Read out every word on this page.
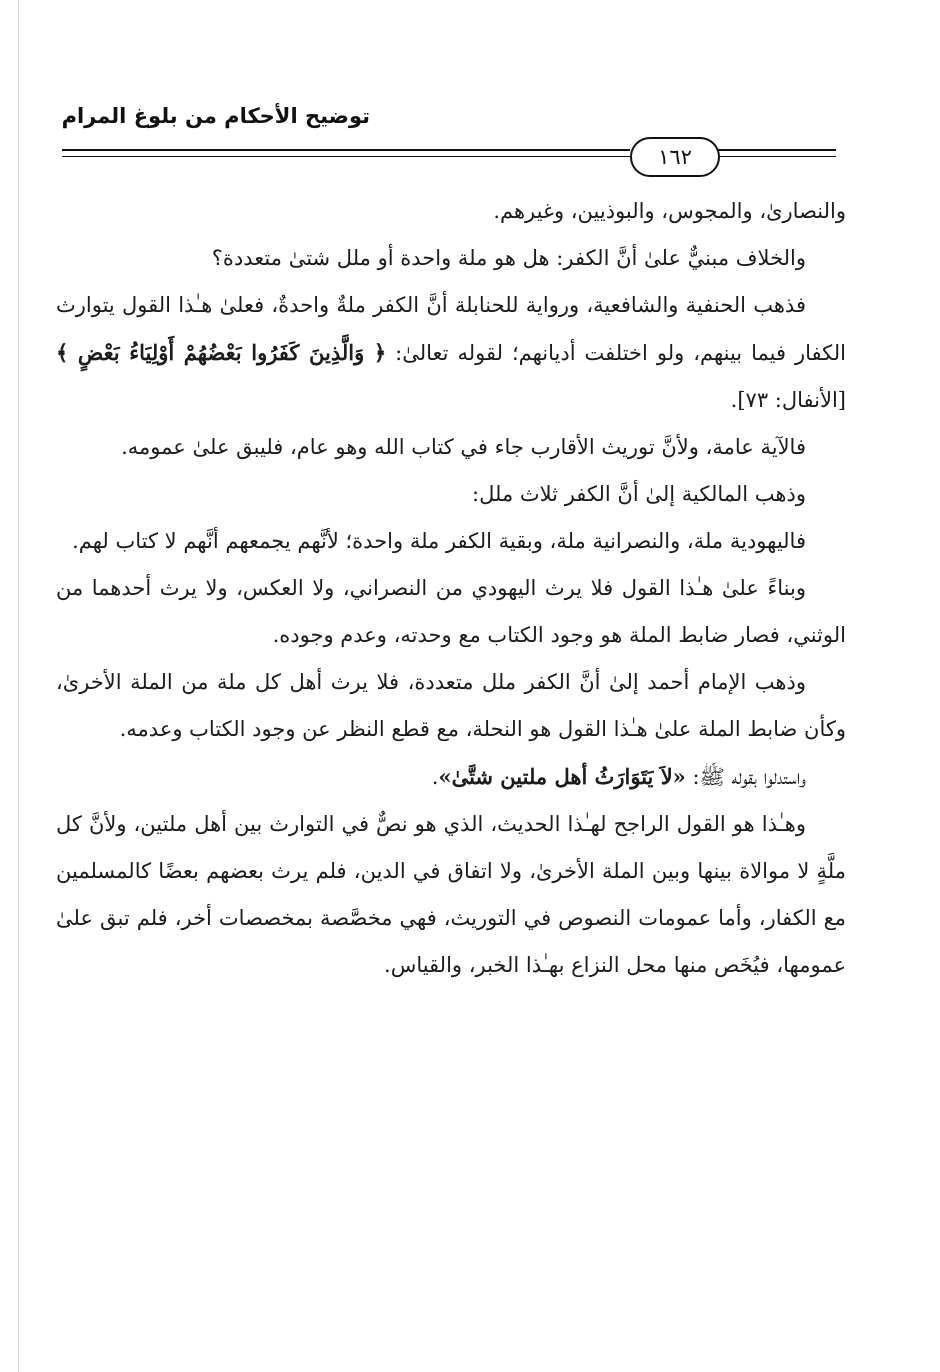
توضيح الأحكام من بلوغ المرام
١٦٢

والنصارىٰ، والمجوس، والبوذيين، وغيرهم.

والخلاف مبنيٌّ علىٰ أنَّ الكفر: هل هو ملة واحدة أو ملل شتىٰ متعددة؟

فذهب الحنفية والشافعية، ورواية للحنابلة أنَّ الكفر ملةٌ واحدةٌ، فعلىٰ هـٰذا القول يتوارث الكفار فيما بينهم، ولو اختلفت أديانهم؛ لقوله تعالىٰ: ﴿ وَالَّذِينَ كَفَرُوا بَعْضُهُمْ أَوْلِيَاءُ بَعْضٍ ﴾ [الأنفال: ٧٣].

فالآية عامة، ولأنَّ توريث الأقارب جاء في كتاب الله وهو عام، فليبق علىٰ عمومه.

وذهب المالكية إلىٰ أنَّ الكفر ثلاث ملل:

فاليهودية ملة، والنصرانية ملة، وبقية الكفر ملة واحدة؛ لأنَّهم يجمعهم أنَّهم لا كتاب لهم.

وبناءً علىٰ هـٰذا القول فلا يرث اليهودي من النصراني، ولا العكس، ولا يرث أحدهما من الوثني، فصار ضابط الملة هو وجود الكتاب مع وحدته، وعدم وجوده.

وذهب الإمام أحمد إلىٰ أنَّ الكفر ملل متعددة، فلا يرث أهل كل ملة من الملة الأخرىٰ، وكأن ضابط الملة علىٰ هـٰذا القول هو النحلة، مع قطع النظر عن وجود الكتاب وعدمه.

واستدلوا بقوله ﷺ: «لاَ يَتَوَارَثُ أهل ملتين شتَّىٰ».

وهـٰذا هو القول الراجح لهـٰذا الحديث، الذي هو نصٌّ في التوارث بين أهل ملتين، ولأنَّ كل ملَّةٍ لا موالاة بينها وبين الملة الأخرىٰ، ولا اتفاق في الدين، فلم يرث بعضهم بعضًا كالمسلمين مع الكفار، وأما عمومات النصوص في التوريث، فهي مخصَّصة بمخصصات أخر، فلم تبق علىٰ عمومها، فيُخَص منها محل النزاع بهـٰذا الخبر، والقياس.
